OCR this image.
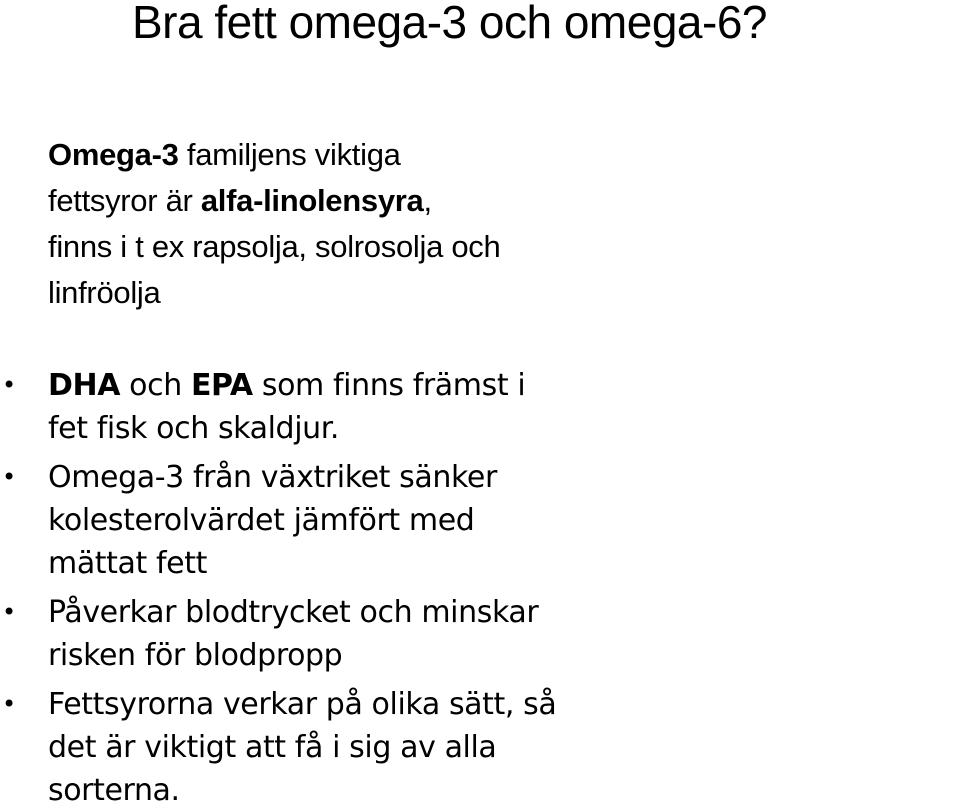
Bra fett omega-3 och omega-6?
Omega-3 familjens viktiga
fettsyror är alfa-linolensyra,
finns i t ex rapsolja, solrosolja och
linfröolja
• DHA och EPA som finns främst i
fet fisk och skaldjur.
• Omega-3 från växtriket sänker
kolesterolvärdet jämfört med
mättat fett
• Påverkar blodtrycket och minskar
risken för blodpropp
• Fettsyrorna verkar på olika sätt, så
det är viktigt att få i sig av alla
sorterna.
